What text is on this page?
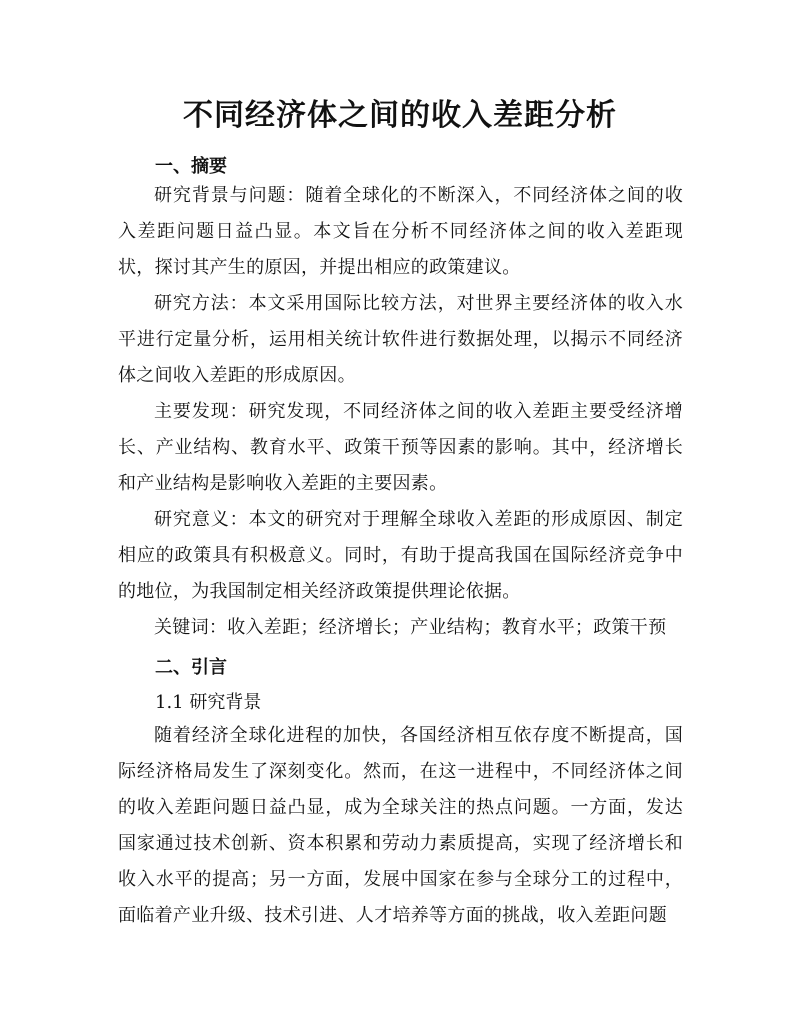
不同经济体之间的收入差距分析
一、摘要
研究背景与问题：随着全球化的不断深入，不同经济体之间的收入差距问题日益凸显。本文旨在分析不同经济体之间的收入差距现状，探讨其产生的原因，并提出相应的政策建议。
研究方法：本文采用国际比较方法，对世界主要经济体的收入水平进行定量分析，运用相关统计软件进行数据处理，以揭示不同经济体之间收入差距的形成原因。
主要发现：研究发现，不同经济体之间的收入差距主要受经济增长、产业结构、教育水平、政策干预等因素的影响。其中，经济增长和产业结构是影响收入差距的主要因素。
研究意义：本文的研究对于理解全球收入差距的形成原因、制定相应的政策具有积极意义。同时，有助于提高我国在国际经济竞争中的地位，为我国制定相关经济政策提供理论依据。
关键词：收入差距；经济增长；产业结构；教育水平；政策干预
二、引言
1.1 研究背景
随着经济全球化进程的加快，各国经济相互依存度不断提高，国际经济格局发生了深刻变化。然而，在这一进程中，不同经济体之间的收入差距问题日益凸显，成为全球关注的热点问题。一方面，发达国家通过技术创新、资本积累和劳动力素质提高，实现了经济增长和收入水平的提高；另一方面，发展中国家在参与全球分工的过程中，面临着产业升级、技术引进、人才培养等方面的挑战，收入差距问题
